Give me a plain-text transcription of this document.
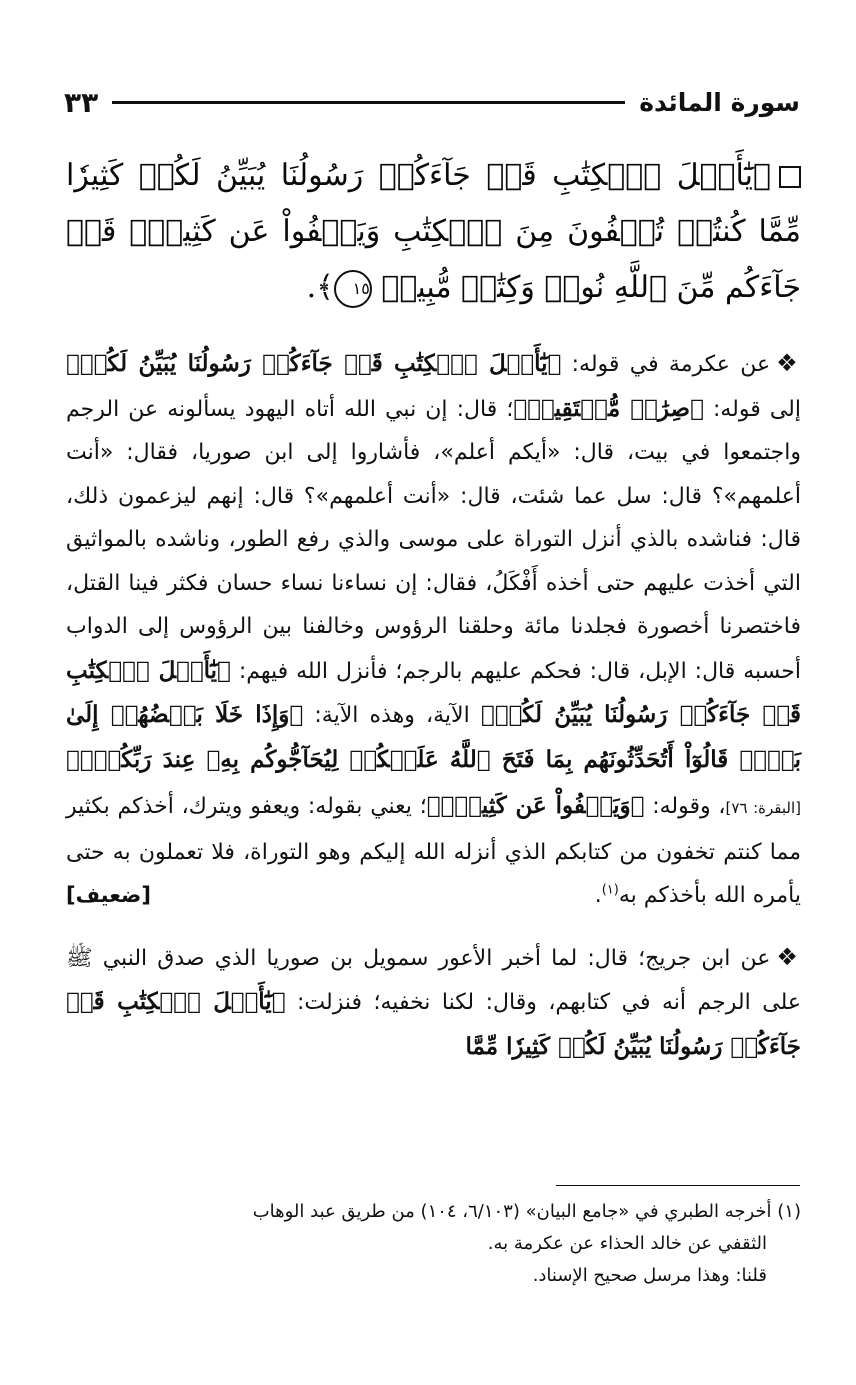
سورة المائدة
٣٣

﴿يَٰٓأَهۡلَ ٱلۡكِتَٰبِ قَدۡ جَآءَكُمۡ رَسُولُنَا يُبَيِّنُ لَكُمۡ كَثِيرٗا مِّمَّا كُنتُمۡ تُخۡفُونَ مِنَ ٱلۡكِتَٰبِ وَيَعۡفُواْ عَن كَثِيرٖۚ قَدۡ جَآءَكُم مِّنَ ٱللَّهِ نُورٞ وَكِتَٰبٞ مُّبِينٞ ١٥﴾.

❖عن عكرمة في قوله: ﴿يَٰٓأَهۡلَ ٱلۡكِتَٰبِ قَدۡ جَآءَكُمۡ رَسُولُنَا يُبَيِّنُ لَكُمۡ﴾ إلى قوله: ﴿صِرَٰطٖ مُّسۡتَقِيمٖ﴾؛ قال: إن نبي الله أتاه اليهود يسألونه عن الرجم واجتمعوا في بيت، قال: «أيكم أعلم»، فأشاروا إلى ابن صوريا، فقال: «أنت أعلمهم»؟ قال: سل عما شئت، قال: «أنت أعلمهم»؟ قال: إنهم ليزعمون ذلك، قال: فناشده بالذي أنزل التوراة على موسى والذي رفع الطور، وناشده بالمواثيق التي أخذت عليهم حتى أخذه أَفْكَلُ، فقال: إن نساءنا نساء حسان فكثر فينا القتل، فاختصرنا أخصورة فجلدنا مائة وحلقنا الرؤوس وخالفنا بين الرؤوس إلى الدواب أحسبه قال: الإبل، قال: فحكم عليهم بالرجم؛ فأنزل الله فيهم: ﴿يَٰٓأَهۡلَ ٱلۡكِتَٰبِ قَدۡ جَآءَكُمۡ رَسُولُنَا يُبَيِّنُ لَكُمۡ﴾ الآية، وهذه الآية: ﴿وَإِذَا خَلَا بَعۡضُهُمۡ إِلَىٰ بَعۡضٖ قَالُوٓاْ أَتُحَدِّثُونَهُم بِمَا فَتَحَ ٱللَّهُ عَلَيۡكُمۡ لِيُحَآجُّوكُم بِهِۦ عِندَ رَبِّكُمۡۚ﴾ [البقرة: ٧٦]، وقوله: ﴿وَيَعۡفُواْ عَن كَثِيرٖۚ﴾؛ يعني بقوله: ويعفو ويترك، أخذكم بكثير مما كنتم تخفون من كتابكم الذي أنزله الله إليكم وهو التوراة، فلا تعملون به حتى يأمره الله بأخذكم به$^{(١)}$.
[ ضعيف ]

❖عن ابن جريج؛ قال: لما أخبر الأعور سمويل بن صوريا الذي صدق النبي ﷺ على الرجم أنه في كتابهم، وقال: لكنا نخفيه؛ فنزلت: ﴿يَٰٓأَهۡلَ ٱلۡكِتَٰبِ قَدۡ جَآءَكُمۡ رَسُولُنَا يُبَيِّنُ لَكُمۡ كَثِيرٗا مِّمَّا

(١) أخرجه الطبري في «جامع البيان» (٦/١٠٣، ١٠٤) من طريق عبد الوهاب
الثقفي عن خالد الحذاء عن عكرمة به.
قلنا: وهذا مرسل صحيح الإسناد.
